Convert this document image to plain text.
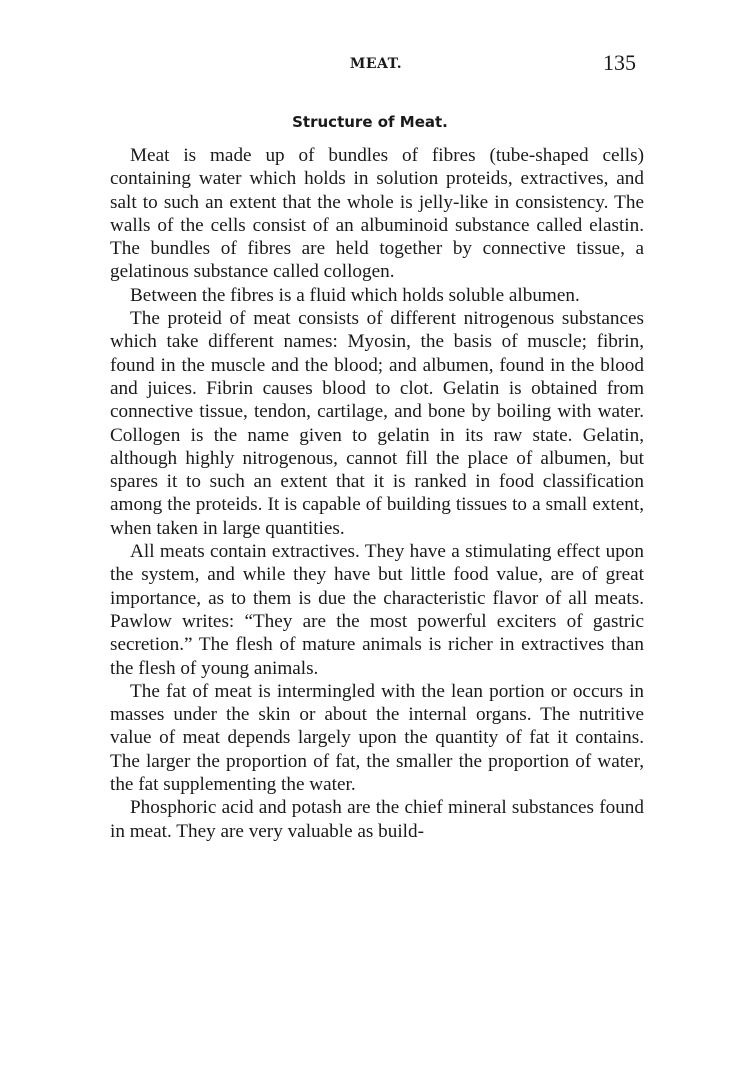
MEAT.	135
Structure of Meat.

Meat is made up of bundles of fibres (tube-shaped cells) containing water which holds in solution proteids, extractives, and salt to such an extent that the whole is jelly-like in consistency. The walls of the cells consist of an albuminoid substance called elastin. The bundles of fibres are held together by connective tissue, a gelatinous substance called collogen.

Between the fibres is a fluid which holds soluble albumen.

The proteid of meat consists of different nitrogenous substances which take different names: Myosin, the basis of muscle; fibrin, found in the muscle and the blood; and albumen, found in the blood and juices. Fibrin causes blood to clot. Gelatin is obtained from connective tissue, tendon, cartilage, and bone by boiling with water. Collogen is the name given to gelatin in its raw state. Gelatin, although highly nitrogenous, cannot fill the place of albumen, but spares it to such an extent that it is ranked in food classification among the proteids. It is capable of building tissues to a small extent, when taken in large quantities.

All meats contain extractives. They have a stimulating effect upon the system, and while they have but little food value, are of great importance, as to them is due the characteristic flavor of all meats. Pawlow writes: “They are the most powerful exciters of gastric secretion.” The flesh of mature animals is richer in extractives than the flesh of young animals.

The fat of meat is intermingled with the lean portion or occurs in masses under the skin or about the internal organs. The nutritive value of meat depends largely upon the quantity of fat it contains. The larger the proportion of fat, the smaller the proportion of water, the fat supplementing the water.

Phosphoric acid and potash are the chief mineral substances found in meat. They are very valuable as build-
